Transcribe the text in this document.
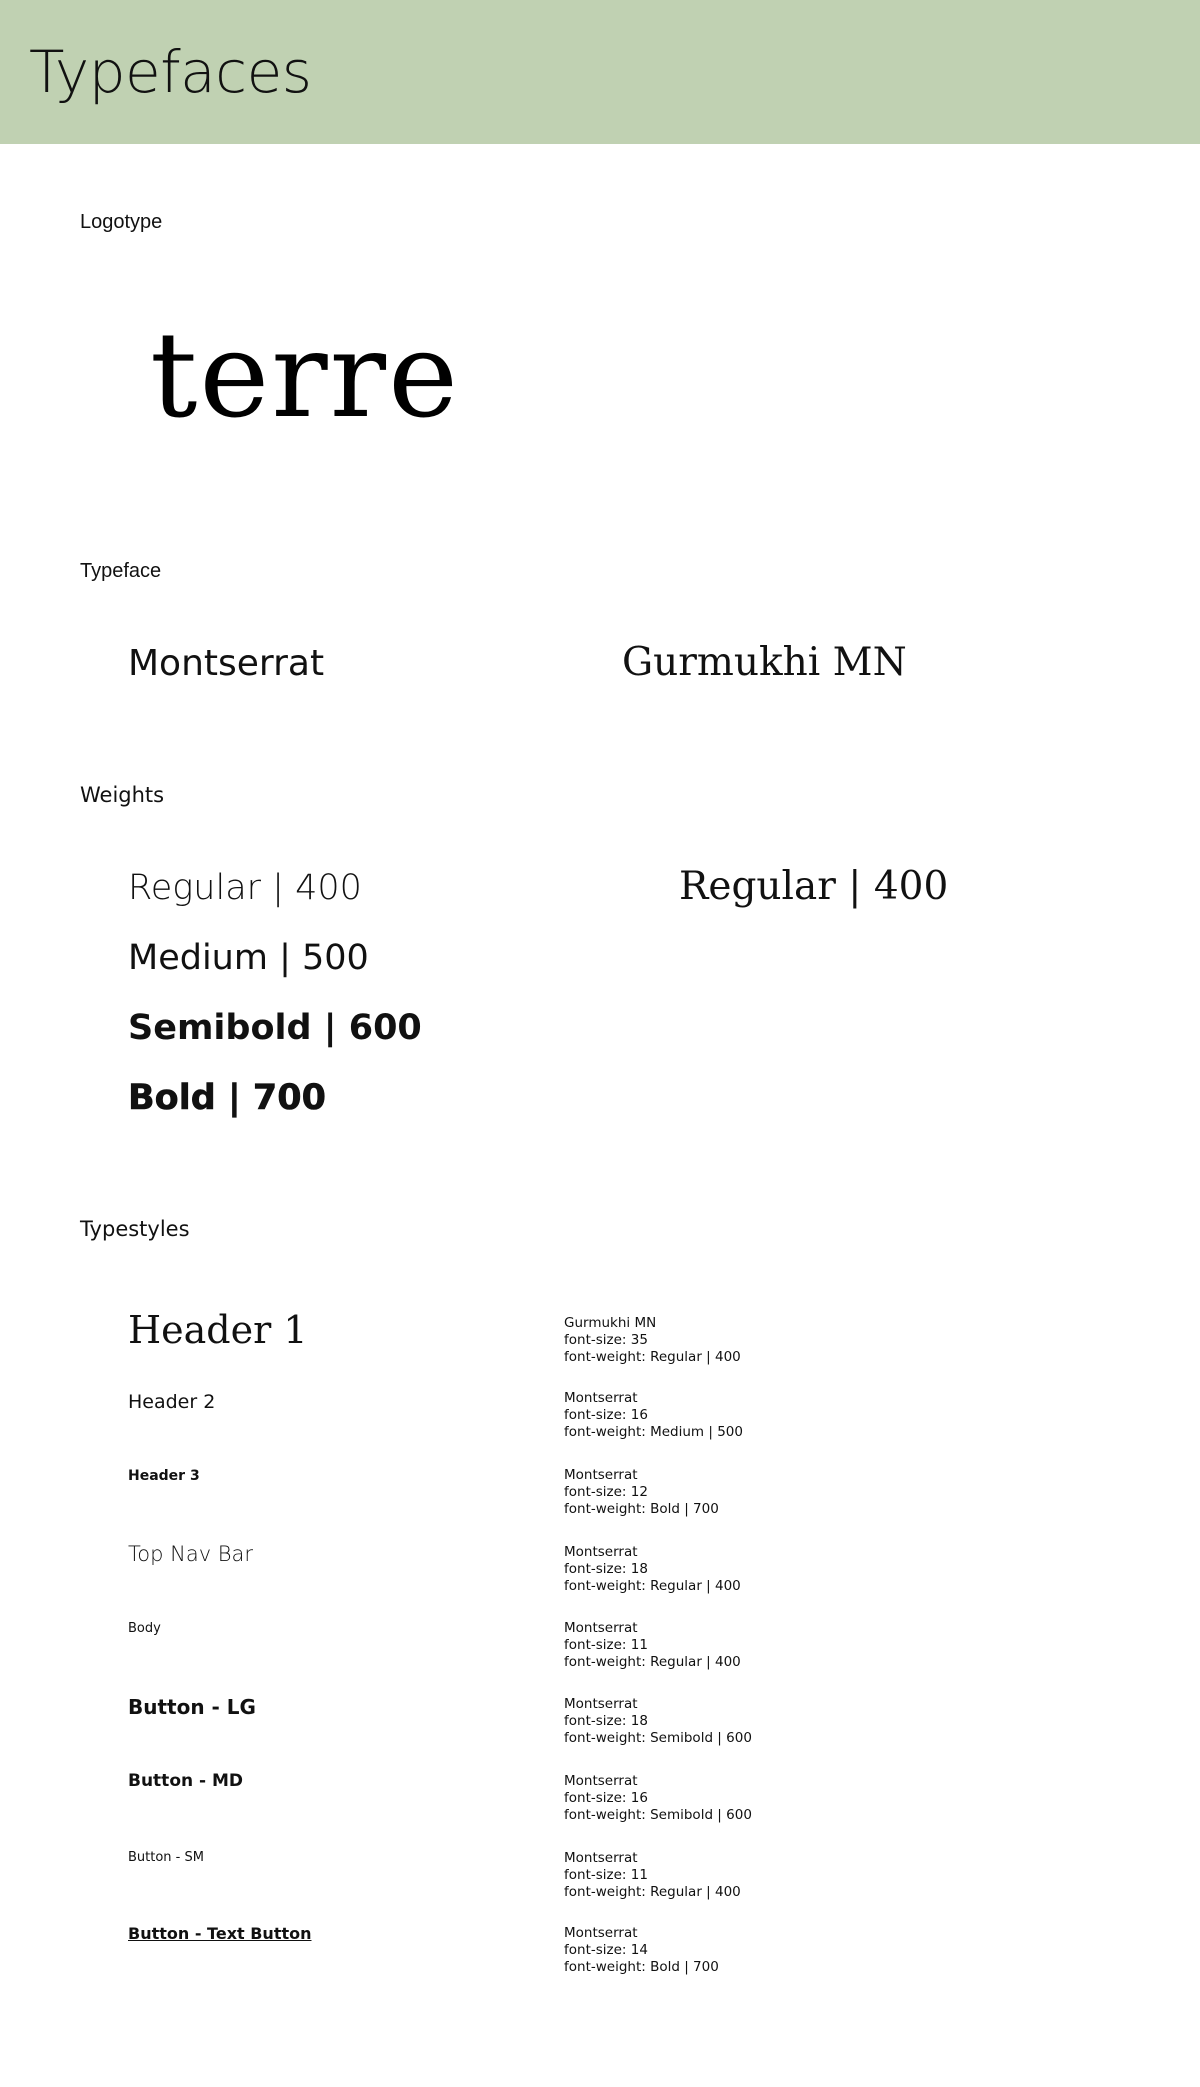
Typefaces
Logotype

terre

Typeface

Montserrat	Gurmukhi MN

Weights

Regular | 400

Medium | 500

Semibold | 600

Bold | 700

Regular | 400

Typestyles

Header 1	Gurmukhi MN
font-size: 35
font-weight: Regular | 400

Header 2	Montserrat
font-size: 16
font-weight: Medium | 500

Header 3	Montserrat
font-size: 12
font-weight: Bold | 700

Top Nav Bar	Montserrat
font-size: 18
font-weight: Regular | 400

Body	Montserrat
font-size: 11
font-weight: Regular | 400

Button - LG	Montserrat
font-size: 18
font-weight: Semibold | 600

Button - MD	Montserrat
font-size: 16
font-weight: Semibold | 600

Button - SM	Montserrat
font-size: 11
font-weight: Regular | 400

Button - Text Button	Montserrat
font-size: 14
font-weight: Bold | 700
